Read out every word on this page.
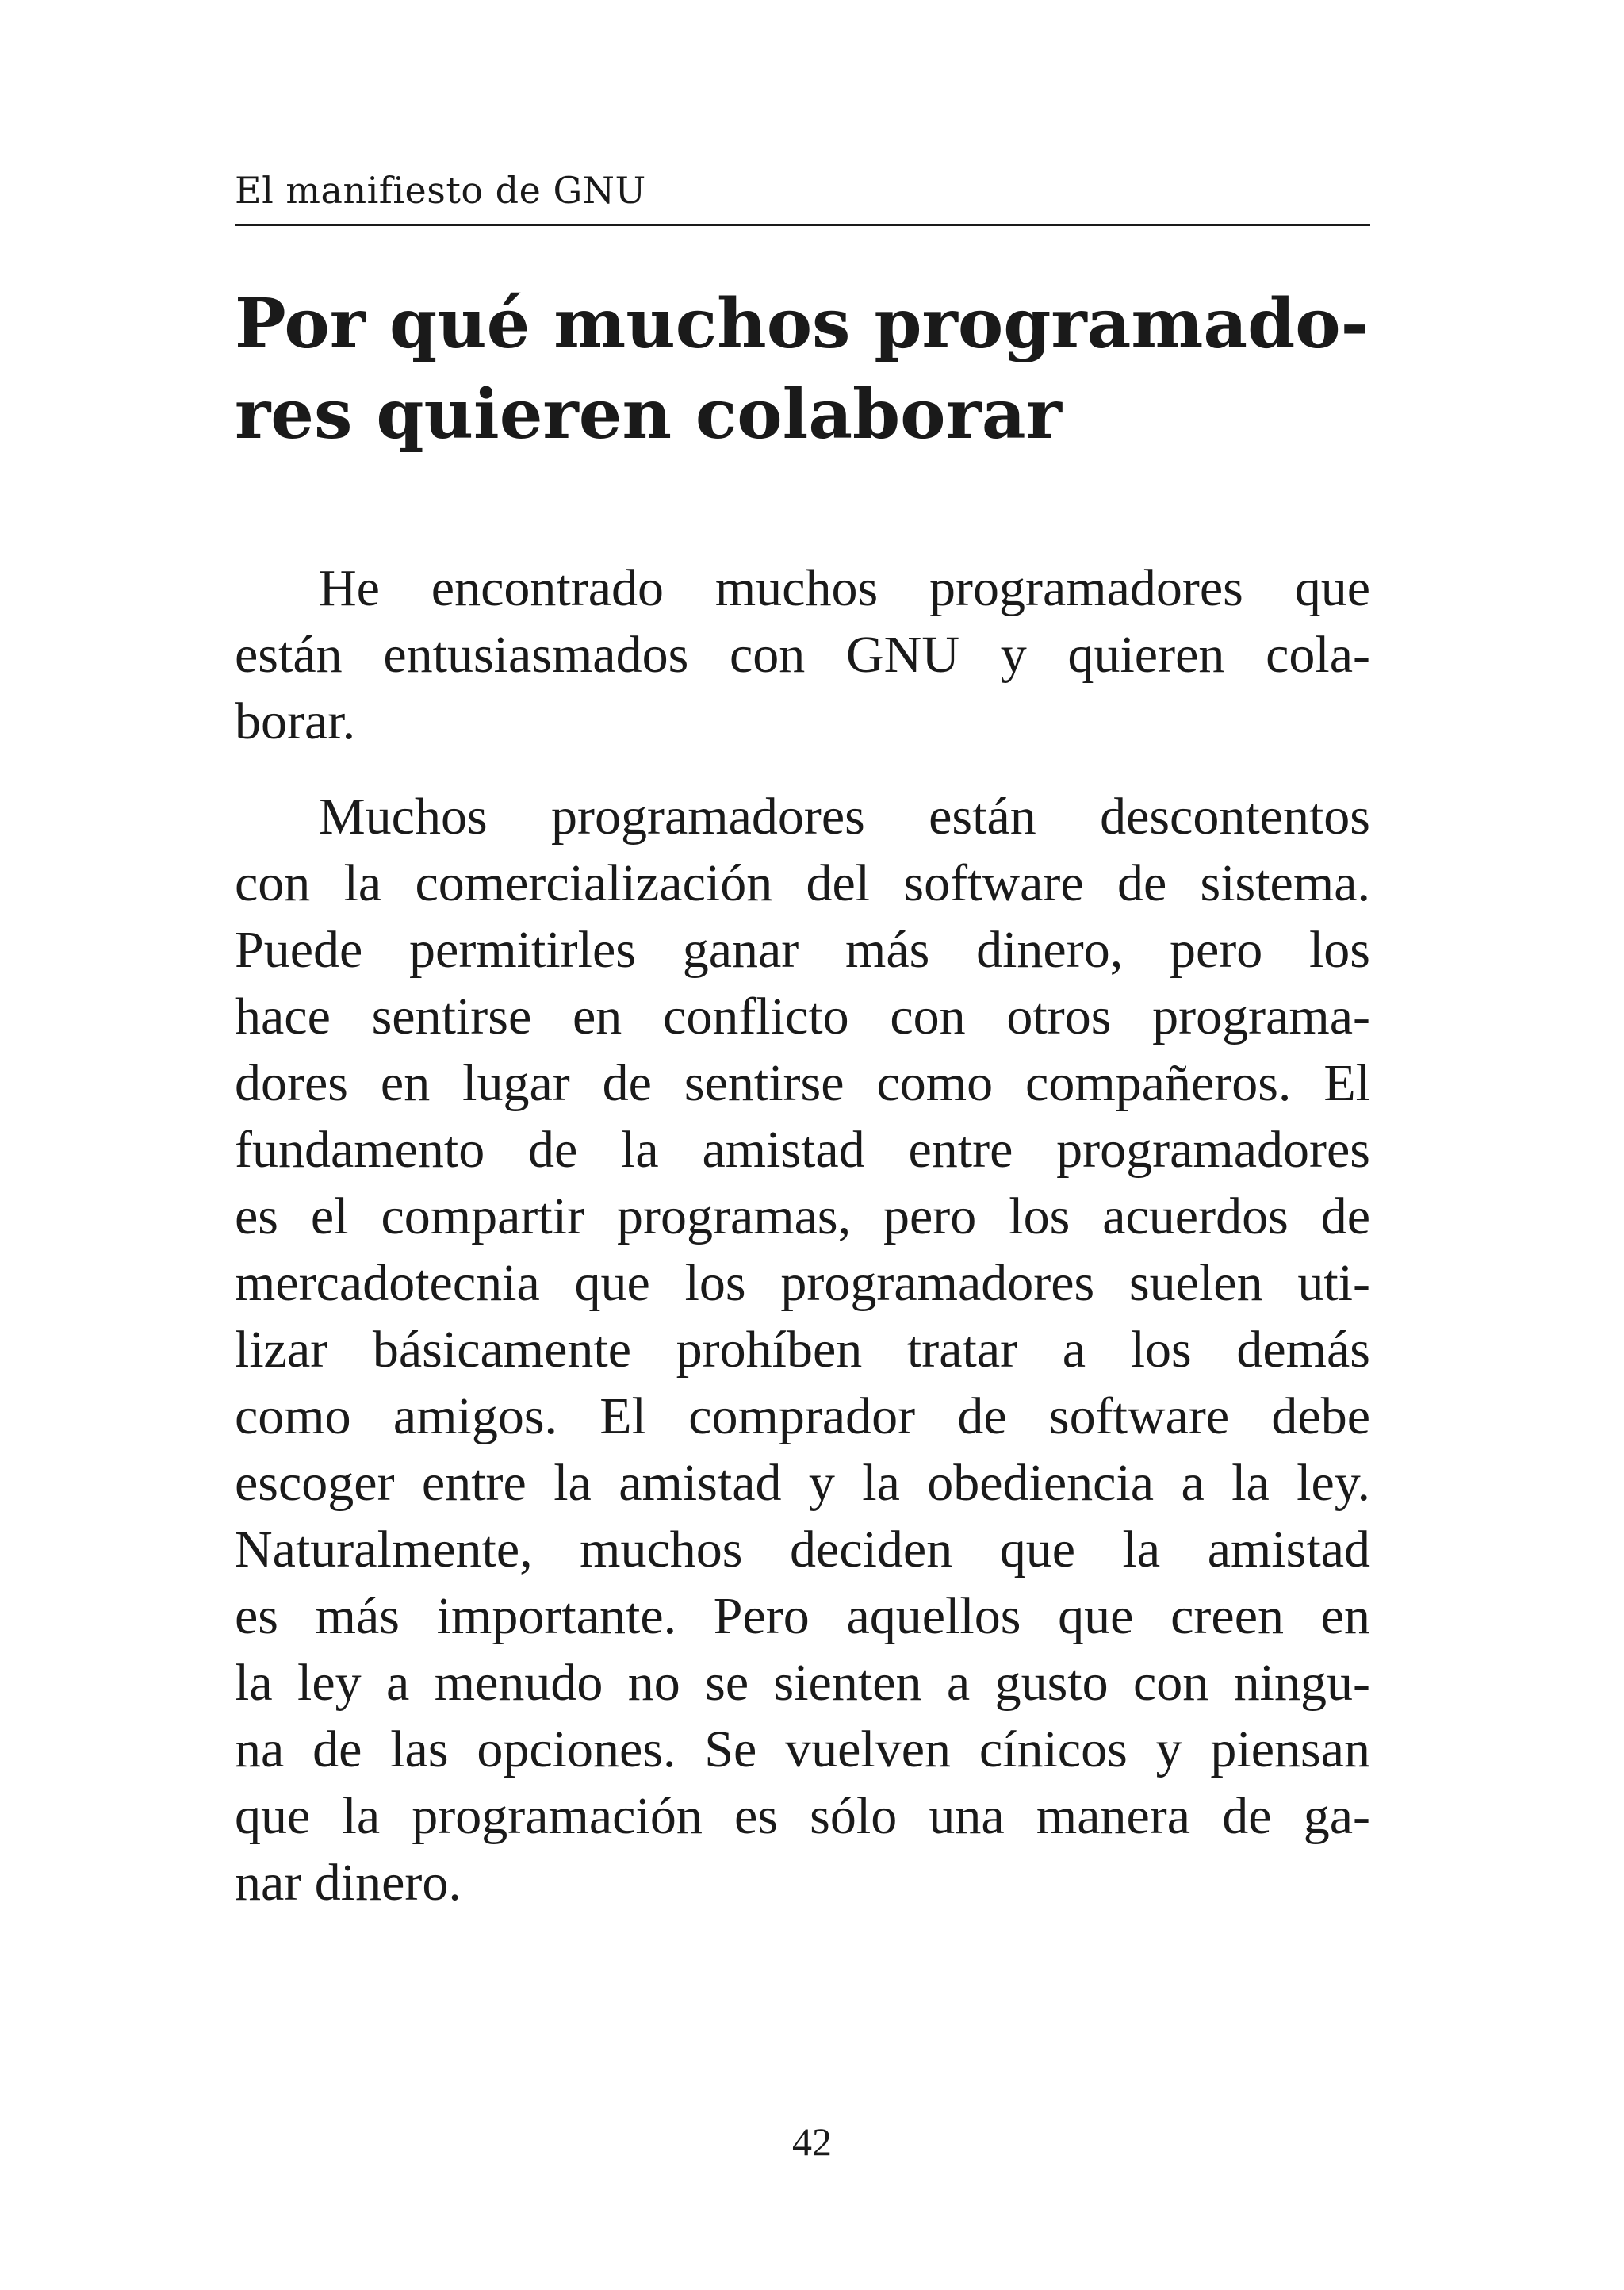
El manifiesto de GNU
Por qué muchos programado-
res quieren colaborar

He encontrado muchos programadores que
están entusiasmados con GNU y quieren cola-
borar.

Muchos programadores están descontentos
con la comercialización del software de sistema.
Puede permitirles ganar más dinero, pero los
hace sentirse en conflicto con otros programa-
dores en lugar de sentirse como compañeros. El
fundamento de la amistad entre programadores
es el compartir programas, pero los acuerdos de
mercadotecnia que los programadores suelen uti-
lizar básicamente prohíben tratar a los demás
como amigos. El comprador de software debe
escoger entre la amistad y la obediencia a la ley.
Naturalmente, muchos deciden que la amistad
es más importante. Pero aquellos que creen en
la ley a menudo no se sienten a gusto con ningu-
na de las opciones. Se vuelven cínicos y piensan
que la programación es sólo una manera de ga-
nar dinero.

42
